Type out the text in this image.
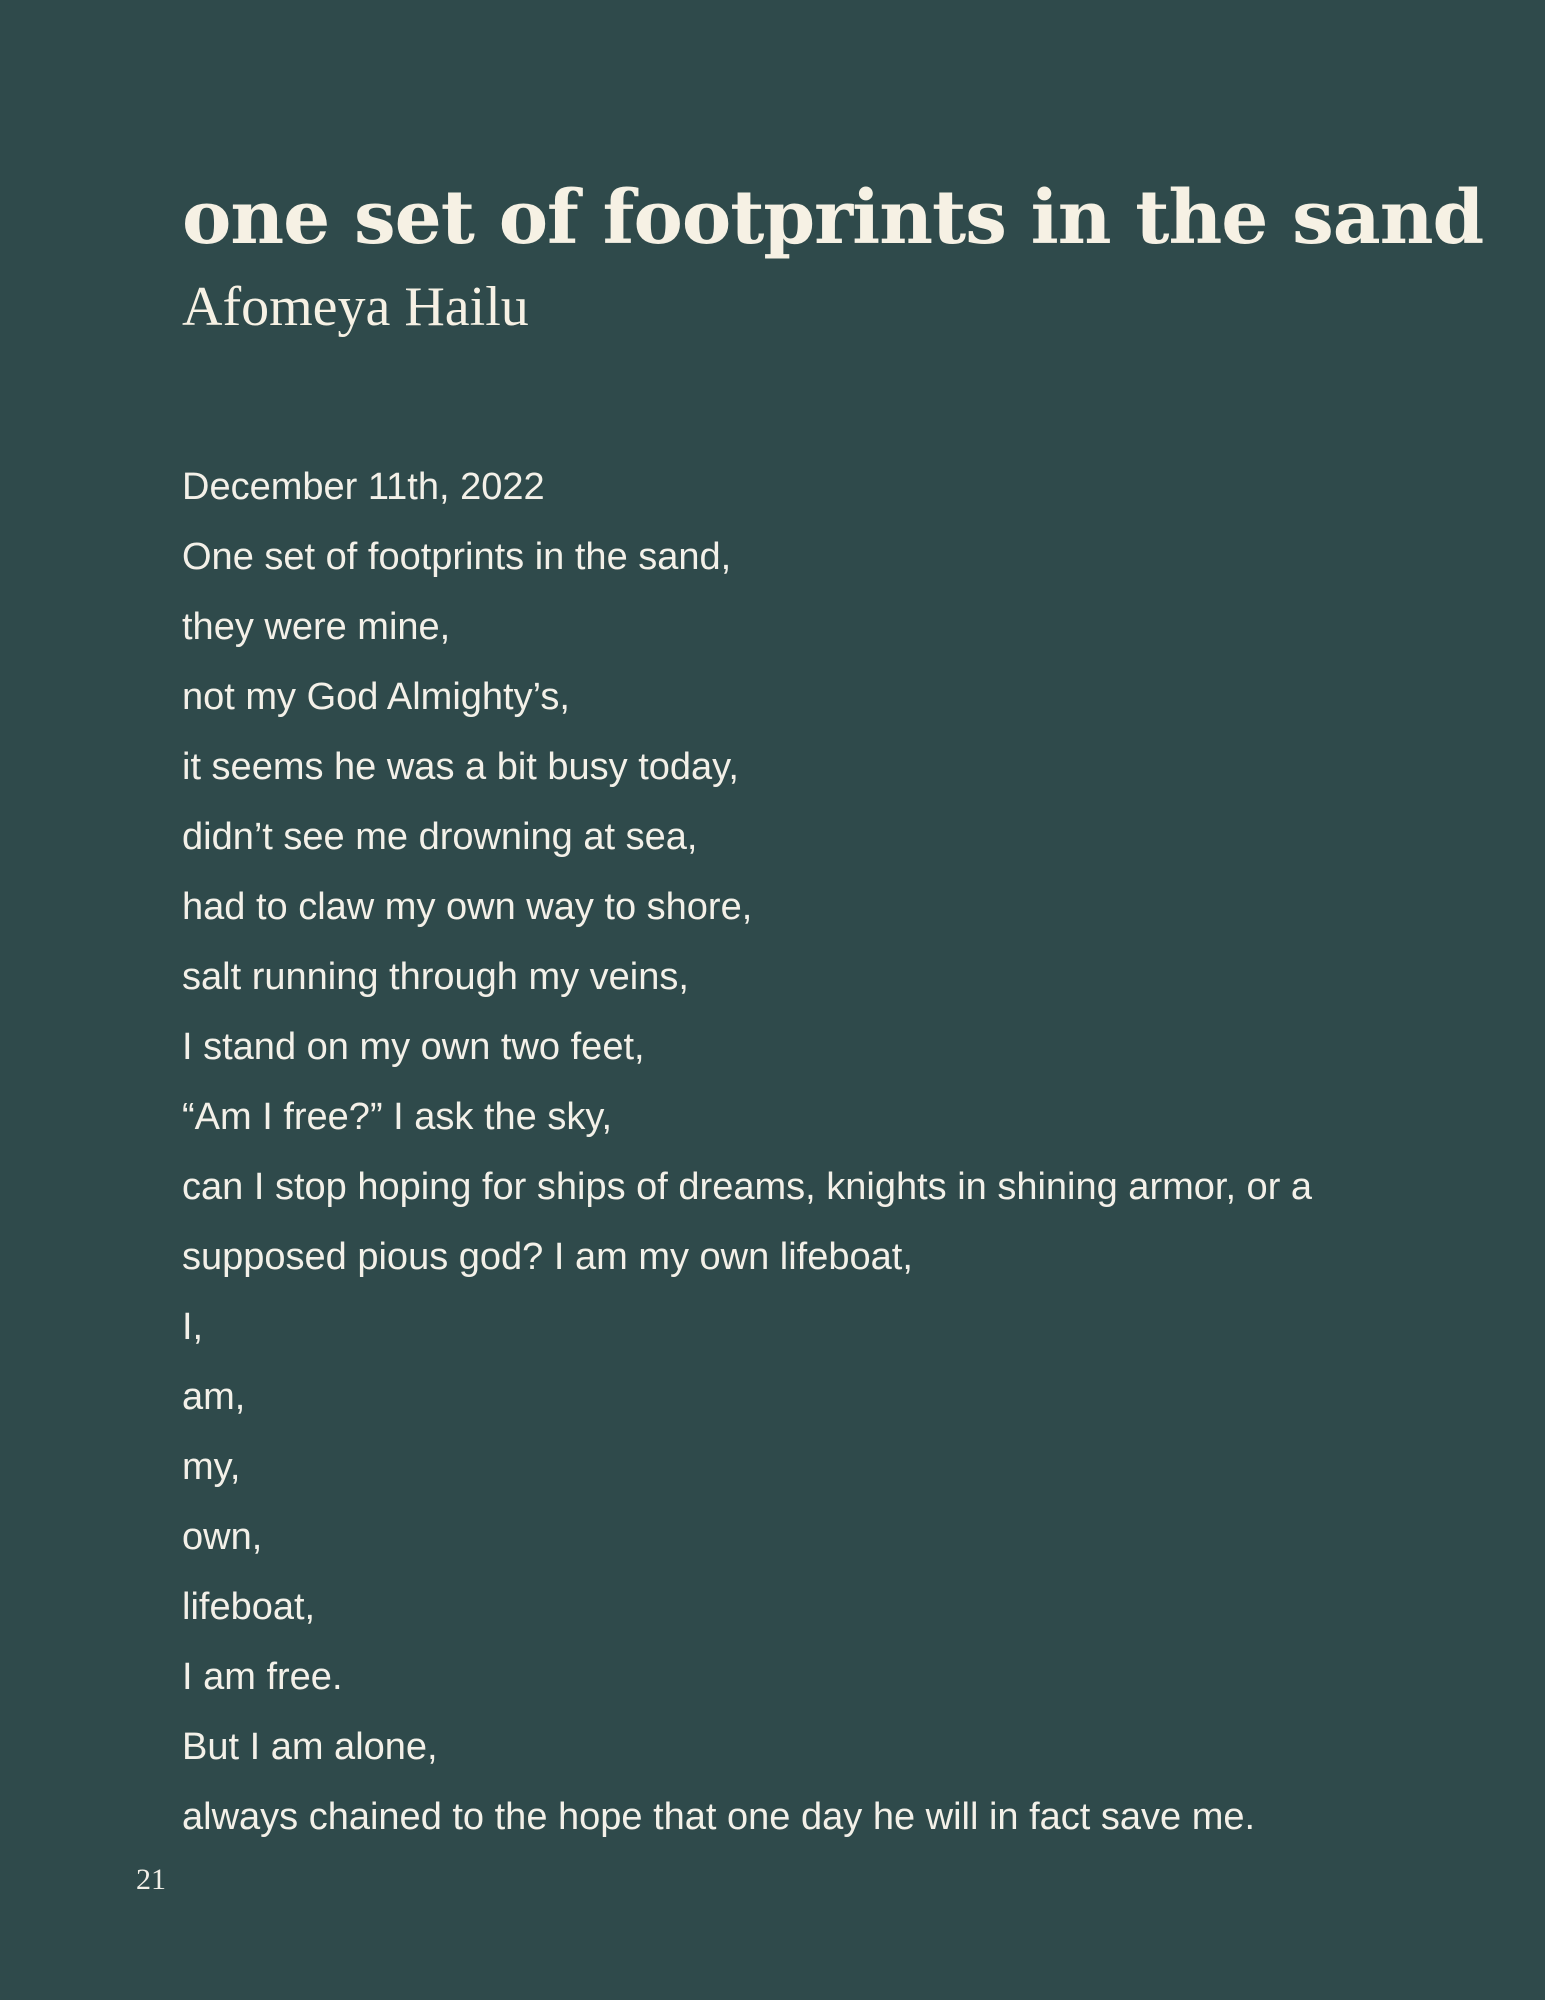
one set of footprints in the sand
Afomeya Hailu
December 11th, 2022
One set of footprints in the sand,
they were mine,
not my God Almighty’s,
it seems he was a bit busy today,
didn’t see me drowning at sea,
had to claw my own way to shore,
salt running through my veins,
I stand on my own two feet,
“Am I free?” I ask the sky,
can I stop hoping for ships of dreams, knights in shining armor, or a
supposed pious god? I am my own lifeboat,
I,
am,
my,
own,
lifeboat,
I am free.
But I am alone,
always chained to the hope that one day he will in fact save me.
21
